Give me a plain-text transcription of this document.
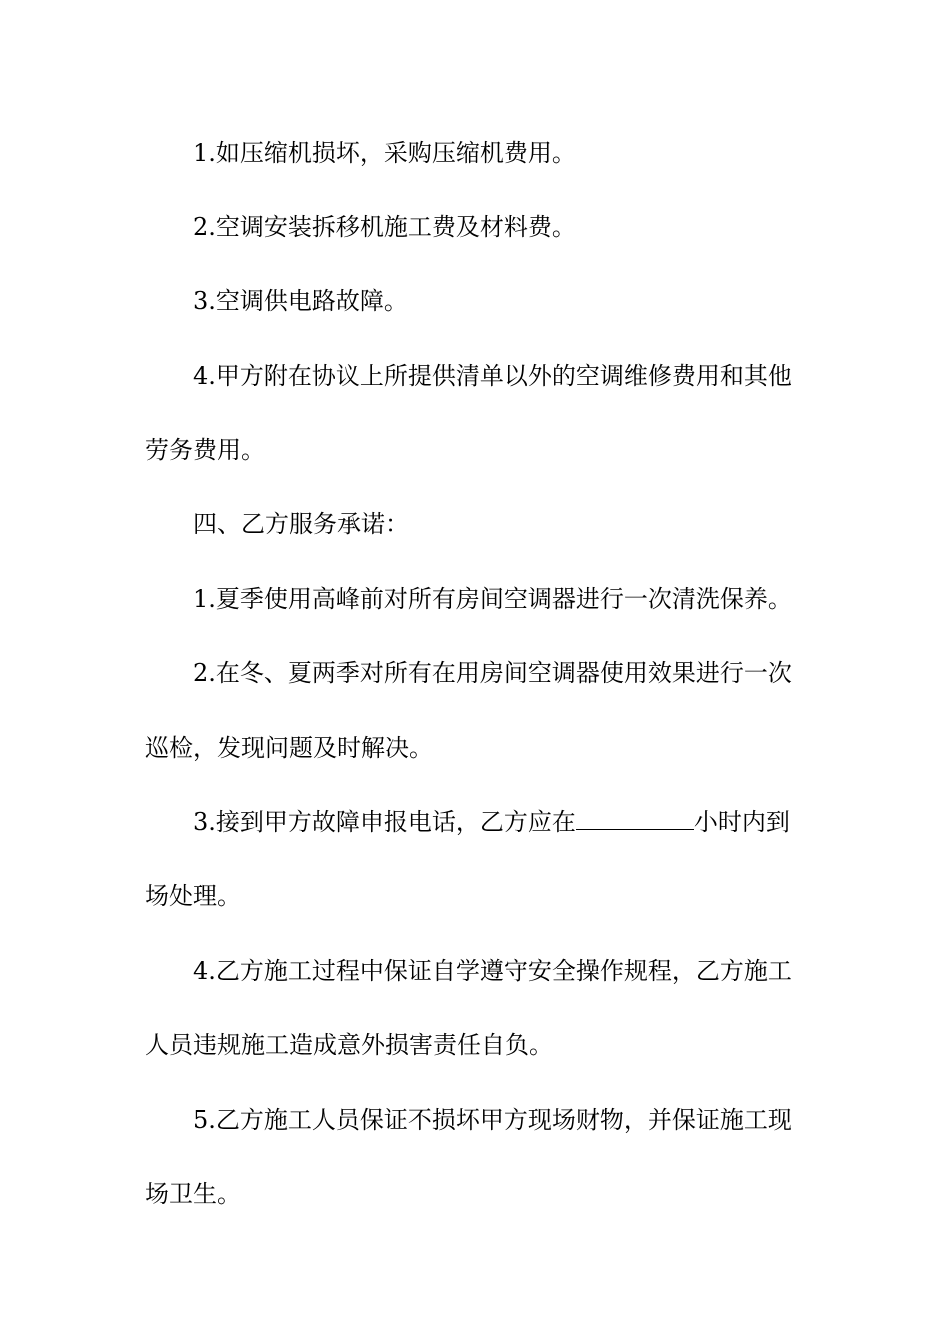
1.如压缩机损坏，采购压缩机费用。
2.空调安装拆移机施工费及材料费。
3.空调供电路故障。
4.甲方附在协议上所提供清单以外的空调维修费用和其他
劳务费用。
四、乙方服务承诺：
1.夏季使用高峰前对所有房间空调器进行一次清洗保养。
2.在冬、夏两季对所有在用房间空调器使用效果进行一次
巡检，发现问题及时解决。
3.接到甲方故障申报电话，乙方应在	小时内到
场处理。
4.乙方施工过程中保证自学遵守安全操作规程，乙方施工
人员违规施工造成意外损害责任自负。
5.乙方施工人员保证不损坏甲方现场财物，并保证施工现
场卫生。
